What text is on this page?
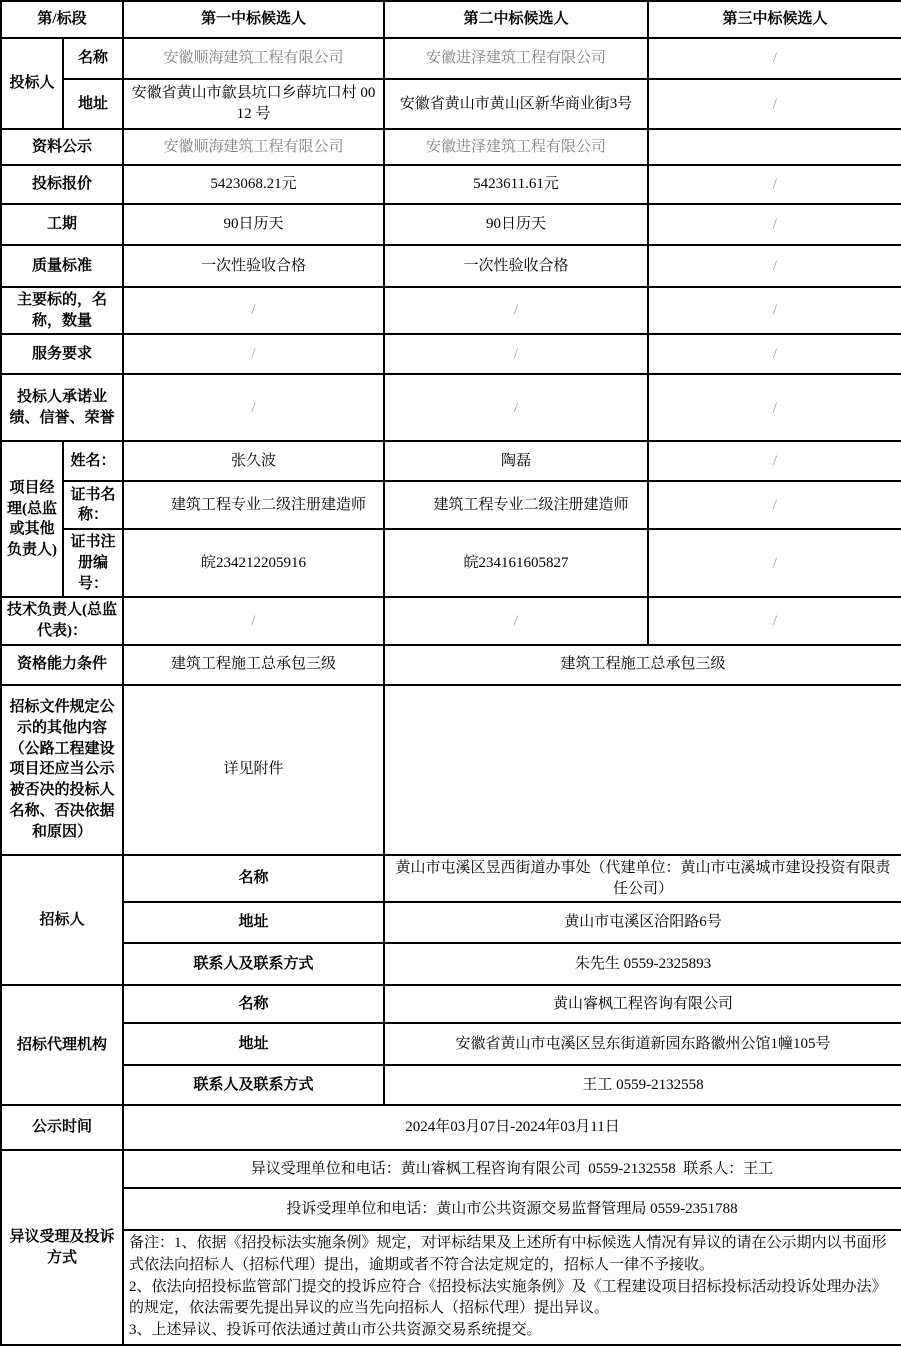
第/标段		第一中标候选人	第二中标候选人	第三中标候选人
投标人	名称	安徽顺海建筑工程有限公司	安徽进泽建筑工程有限公司	/
	地址	安徽省黄山市歙县坑口乡薛坑口村 0012 号	安徽省黄山市黄山区新华商业街3号	/
资料公示		安徽顺海建筑工程有限公司	安徽进泽建筑工程有限公司	
投标报价		5423068.21元	5423611.61元	/
工期		90日历天	90日历天	/
质量标准		一次性验收合格	一次性验收合格	/
主要标的，名称，数量		/	/	/
服务要求		/	/	/
投标人承诺业绩、信誉、荣誉		/	/	/
项目经理(总监或其他负责人)	姓名：	张久波	陶磊	/
	证书名称：	建筑工程专业二级注册建造师	建筑工程专业二级注册建造师	/
	证书注册编号：	皖234212205916	皖234161605827	/
技术负责人(总监代表)：		/	/	/
资格能力条件		建筑工程施工总承包三级	建筑工程施工总承包三级	
招标文件规定公示的其他内容（公路工程建设项目还应当公示被否决的投标人名称、否决依据和原因）		详见附件		
招标人		名称	黄山市屯溪区昱西街道办事处（代建单位：黄山市屯溪城市建设投资有限责任公司）	
		地址	黄山市屯溪区洽阳路6号	
		联系人及联系方式	朱先生 0559-2325893	
招标代理机构		名称	黄山睿枫工程咨询有限公司	
		地址	安徽省黄山市屯溪区昱东街道新园东路徽州公馆1幢105号	
		联系人及联系方式	王工 0559-2132558	
公示时间		2024年03月07日-2024年03月11日		
异议受理及投诉方式		异议受理单位和电话：黄山睿枫工程咨询有限公司  0559-2132558  联系人：王工		
		投诉受理单位和电话：黄山市公共资源交易监督管理局 0559-2351788		

		备注：1、依据《招投标法实施条例》规定，对评标结果及上述所有中标候选人情况有异议的请在公示期内以书面形式依法向招标人（招标代理）提出，逾期或者不符合法定规定的，招标人一律不予接收。
2、依法向招投标监管部门提交的投诉应符合《招投标法实施条例》及《工程建设项目招标投标活动投诉处理办法》的规定，依法需要先提出异议的应当先向招标人（招标代理）提出异议。
3、上述异议、投诉可依法通过黄山市公共资源交易系统提交。		
